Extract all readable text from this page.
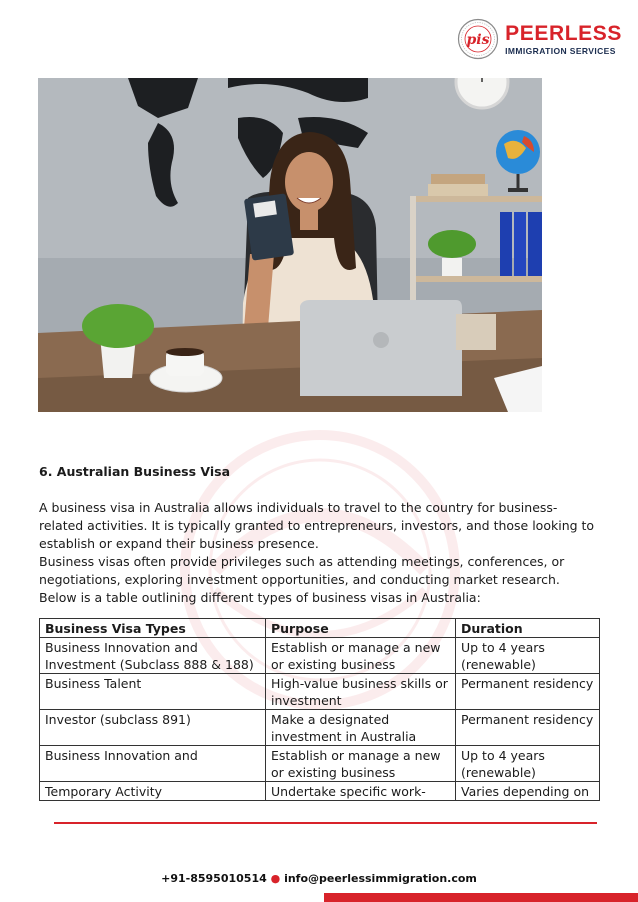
pis PEERLESS
IMMIGRATION SERVICES
6. Australian Business Visa

A business visa in Australia allows individuals to travel to the country for business-related activities. It is typically granted to entrepreneurs, investors, and those looking to establish or expand their business presence.

Business visas often provide privileges such as attending meetings, conferences, or negotiations, exploring investment opportunities, and conducting market research.

Below is a table outlining different types of business visas in Australia:

Business Visa Types	Purpose	Duration
Business Innovation and Investment (Subclass 888 & 188)	Establish or manage a new or existing business	Up to 4 years (renewable)
Business Talent	High-value business skills or investment	Permanent residency
Investor (subclass 891)	Make a designated investment in Australia	Permanent residency
Business Innovation and	Establish or manage a new or existing business	Up to 4 years (renewable)
Temporary Activity	Undertake specific work-	Varies depending on
+91-8595010514 ● info@peerlessimmigration.com
